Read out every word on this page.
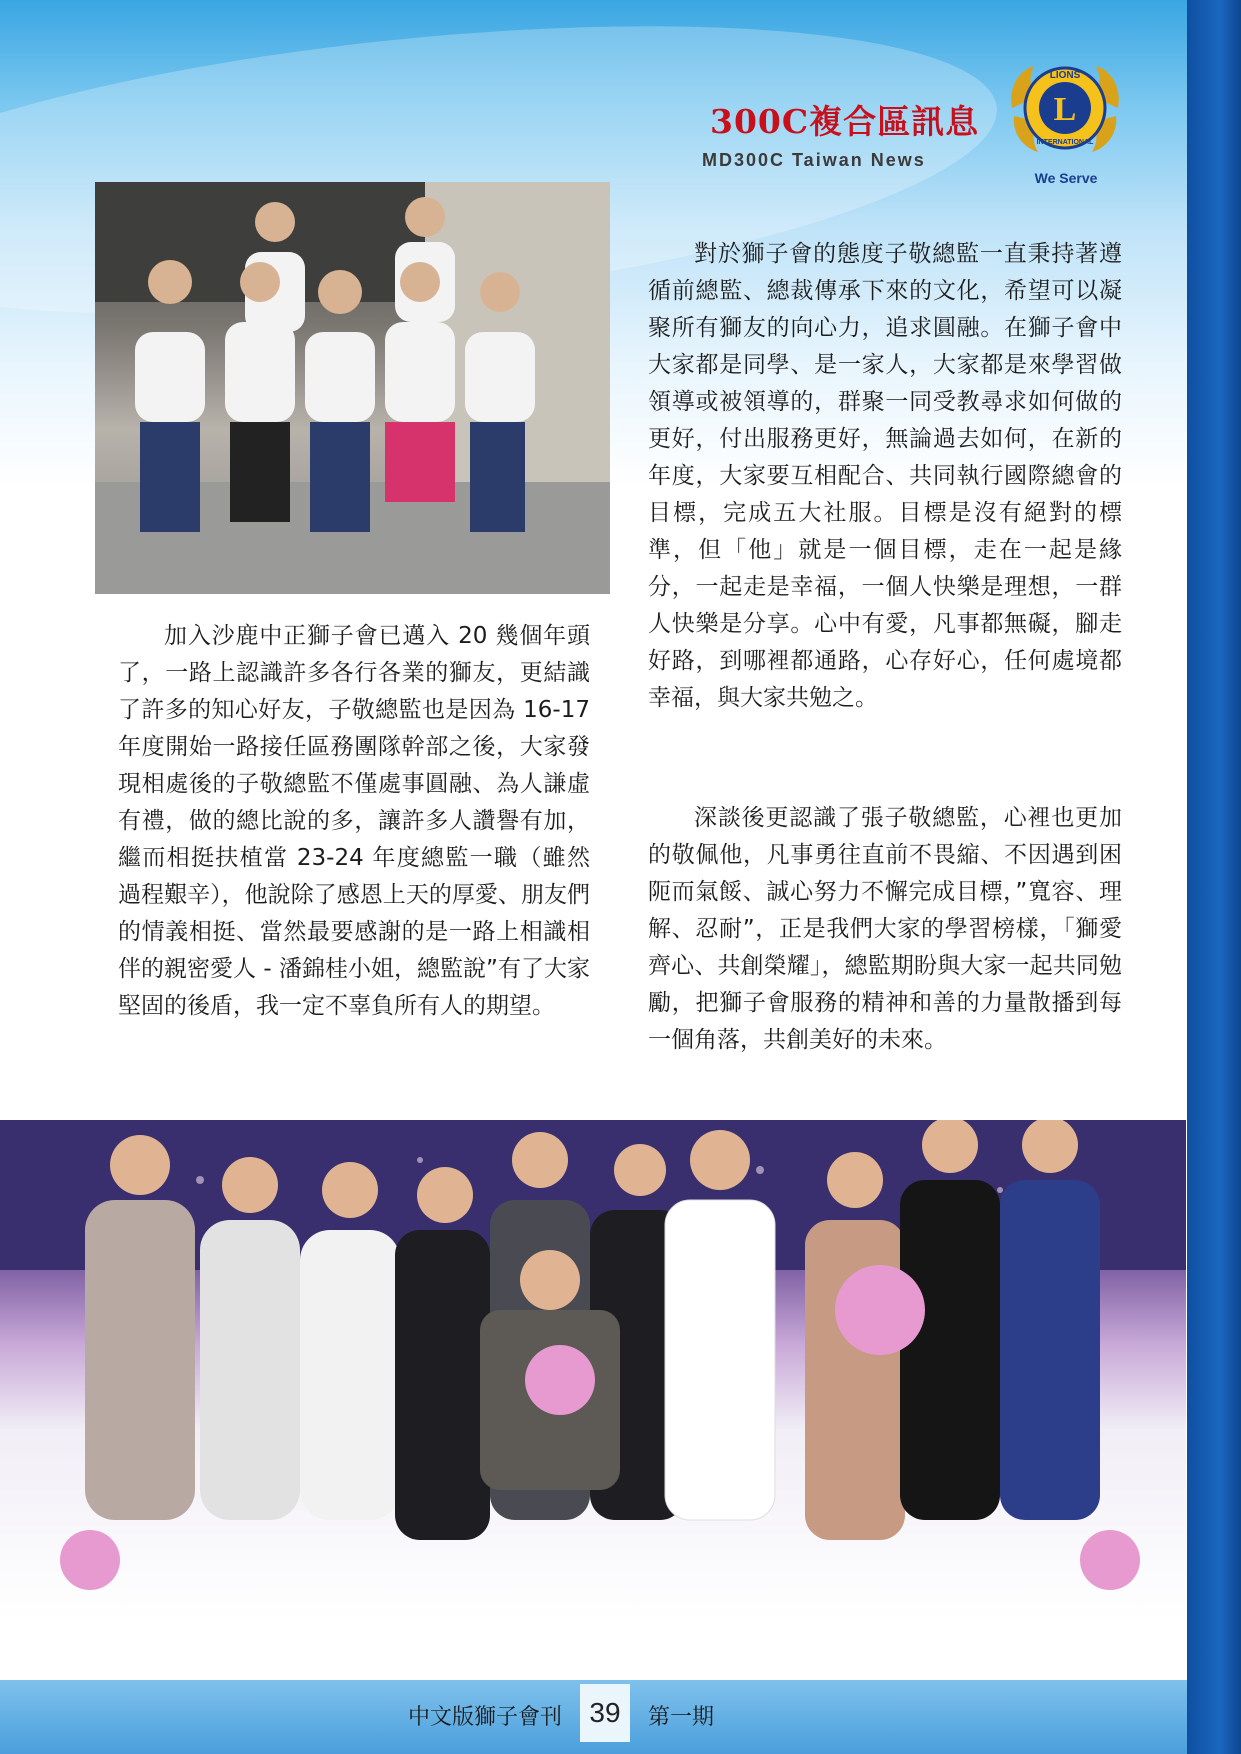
300C複合區訊息
MD300C Taiwan News
L
LIONS
INTERNATIONAL
We Serve

加入沙鹿中正獅子會已邁入 20 幾個年頭了，一路上認識許多各行各業的獅友，更結識了許多的知心好友，子敬總監也是因為 16-17 年度開始一路接任區務團隊幹部之後，大家發現相處後的子敬總監不僅處事圓融、為人謙虛有禮，做的總比說的多，讓許多人讚譽有加，繼而相挺扶植當 23-24 年度總監一職（雖然過程艱辛），他說除了感恩上天的厚愛、朋友們的情義相挺、當然最要感謝的是一路上相識相伴的親密愛人 - 潘錦桂小姐，總監說”有了大家堅固的後盾，我一定不辜負所有人的期望。

對於獅子會的態度子敬總監一直秉持著遵循前總監、總裁傳承下來的文化，希望可以凝聚所有獅友的向心力，追求圓融。在獅子會中大家都是同學、是一家人，大家都是來學習做領導或被領導的，群聚一同受教尋求如何做的更好，付出服務更好，無論過去如何，在新的年度，大家要互相配合、共同執行國際總會的目標，完成五大社服。目標是沒有絕對的標準，但「他」就是一個目標，走在一起是緣分，一起走是幸福，一個人快樂是理想，一群人快樂是分享。心中有愛，凡事都無礙，腳走好路，到哪裡都通路，心存好心，任何處境都幸福，與大家共勉之。

深談後更認識了張子敬總監，心裡也更加的敬佩他，凡事勇往直前不畏縮、不因遇到困阨而氣餒、誠心努力不懈完成目標，”寬容、理解、忍耐”，正是我們大家的學習榜樣，「獅愛齊心、共創榮耀」，總監期盼與大家一起共同勉勵，把獅子會服務的精神和善的力量散播到每一個角落，共創美好的未來。

中文版獅子會刊 39	第一期
